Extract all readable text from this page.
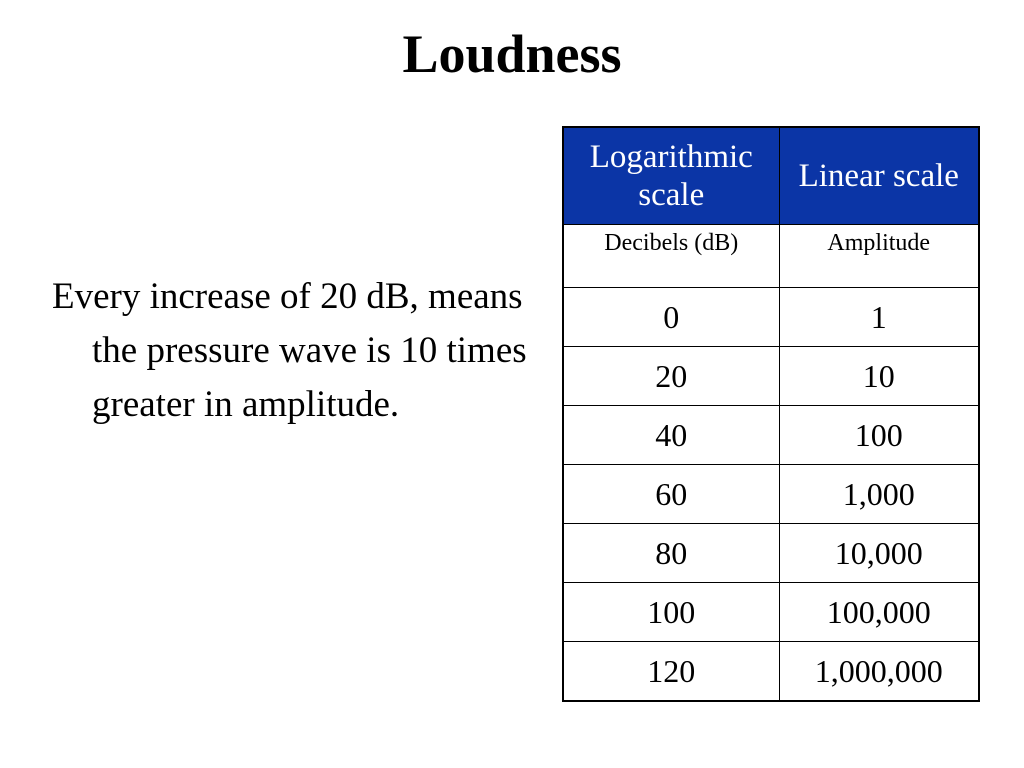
Loudness
Every increase of 20 dB, means the pressure wave is 10 times greater in amplitude.
Logarithmic scale	Linear scale
Decibels (dB)	Amplitude
0	1
20	10
40	100
60	1,000
80	10,000
100	100,000
120	1,000,000
